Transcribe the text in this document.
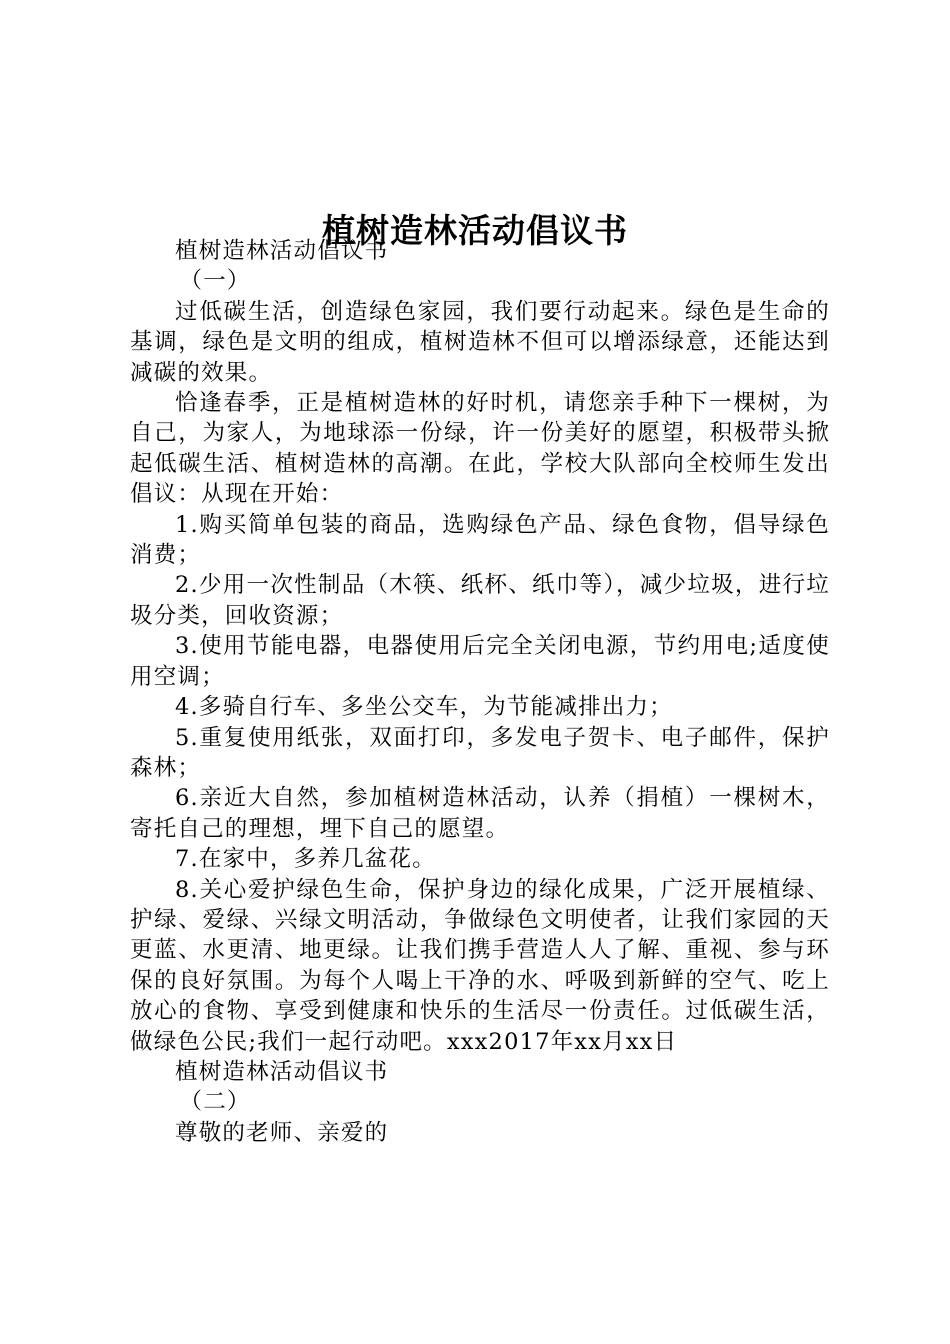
植树造林活动倡议书

植树造林活动倡议书

（一）

过低碳生活，创造绿色家园，我们要行动起来。绿色是生命的基调，绿色是文明的组成，植树造林不但可以增添绿意，还能达到减碳的效果。

恰逢春季，正是植树造林的好时机，请您亲手种下一棵树，为自己，为家人，为地球添一份绿，许一份美好的愿望，积极带头掀起低碳生活、植树造林的高潮。在此，学校大队部向全校师生发出倡议：从现在开始：

1.购买简单包装的商品，选购绿色产品、绿色食物，倡导绿色消费；

2.少用一次性制品（木筷、纸杯、纸巾等），减少垃圾，进行垃圾分类，回收资源；

3.使用节能电器，电器使用后完全关闭电源，节约用电;适度使用空调；

4.多骑自行车、多坐公交车，为节能减排出力；

5.重复使用纸张，双面打印，多发电子贺卡、电子邮件，保护森林；

6.亲近大自然，参加植树造林活动，认养（捐植）一棵树木，寄托自己的理想，埋下自己的愿望。

7.在家中，多养几盆花。

8.关心爱护绿色生命，保护身边的绿化成果，广泛开展植绿、护绿、爱绿、兴绿文明活动，争做绿色文明使者，让我们家园的天更蓝、水更清、地更绿。让我们携手营造人人了解、重视、参与环保的良好氛围。为每个人喝上干净的水、呼吸到新鲜的空气、吃上放心的食物、享受到健康和快乐的生活尽一份责任。过低碳生活，做绿色公民;我们一起行动吧。xxx2017年xx月xx日

植树造林活动倡议书

（二）

尊敬的老师、亲爱的
